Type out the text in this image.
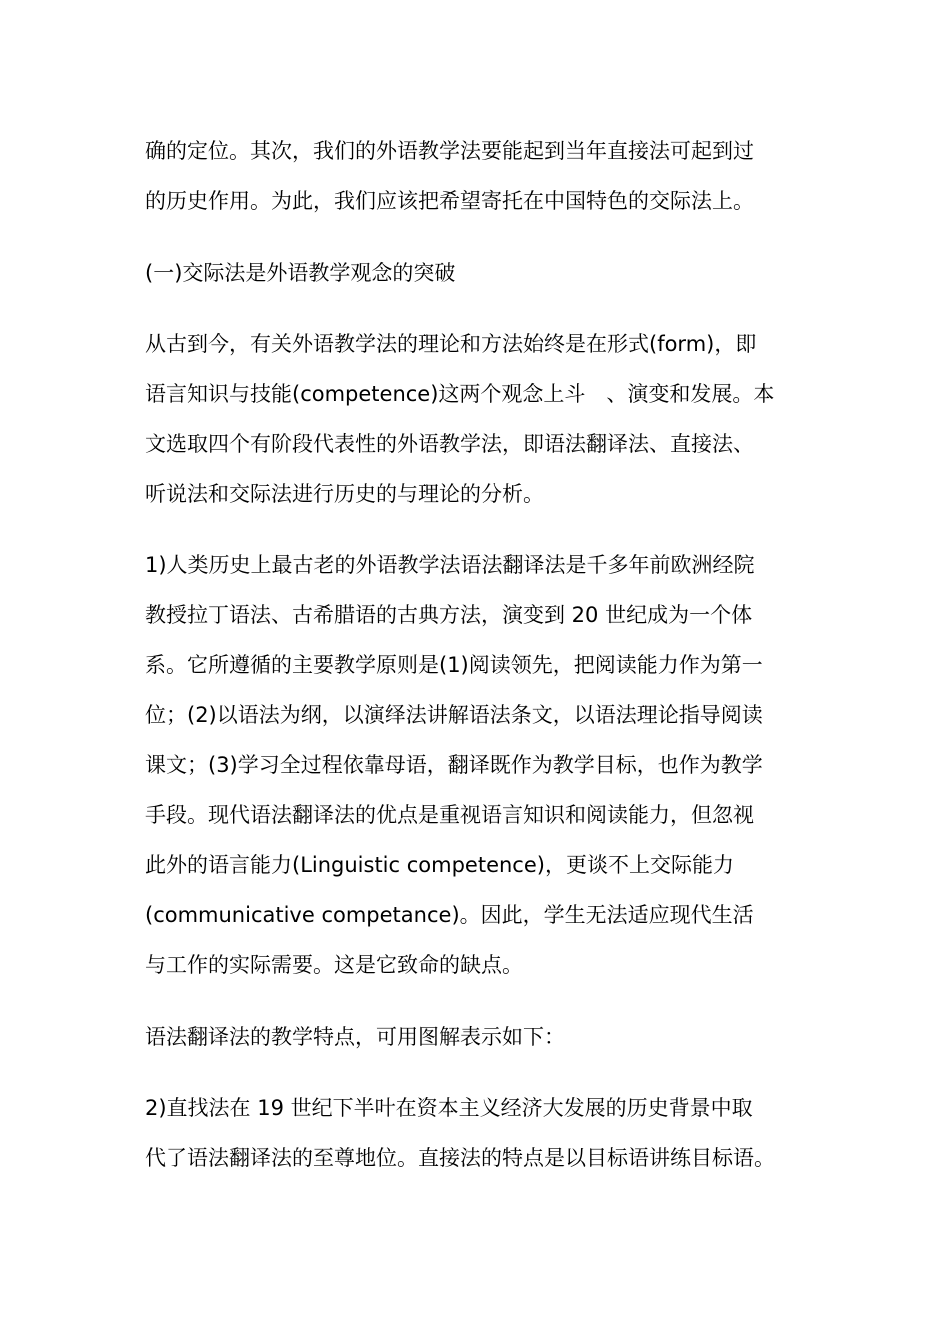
确的定位。其次，我们的外语教学法要能起到当年直接法可起到过
的历史作用。为此，我们应该把希望寄托在中国特色的交际法上。
(一)交际法是外语教学观念的突破
从古到今，有关外语教学法的理论和方法始终是在形式(form)，即
语言知识与技能(competence)这两个观念上斗　、演变和发展。本
文选取四个有阶段代表性的外语教学法，即语法翻译法、直接法、
听说法和交际法进行历史的与理论的分析。
1)人类历史上最古老的外语教学法语法翻译法是千多年前欧洲经院
教授拉丁语法、古希腊语的古典方法，演变到 20 世纪成为一个体
系。它所遵循的主要教学原则是(1)阅读领先，把阅读能力作为第一
位；(2)以语法为纲，以演绎法讲解语法条文，以语法理论指导阅读
课文；(3)学习全过程依靠母语，翻译既作为教学目标，也作为教学
手段。现代语法翻译法的优点是重视语言知识和阅读能力，但忽视
此外的语言能力(Linguistic competence)，更谈不上交际能力
(communicative competance)。因此，学生无法适应现代生活
与工作的实际需要。这是它致命的缺点。
语法翻译法的教学特点，可用图解表示如下：
2)直找法在 19 世纪下半叶在资本主义经济大发展的历史背景中取
代了语法翻译法的至尊地位。直接法的特点是以目标语讲练目标语。
